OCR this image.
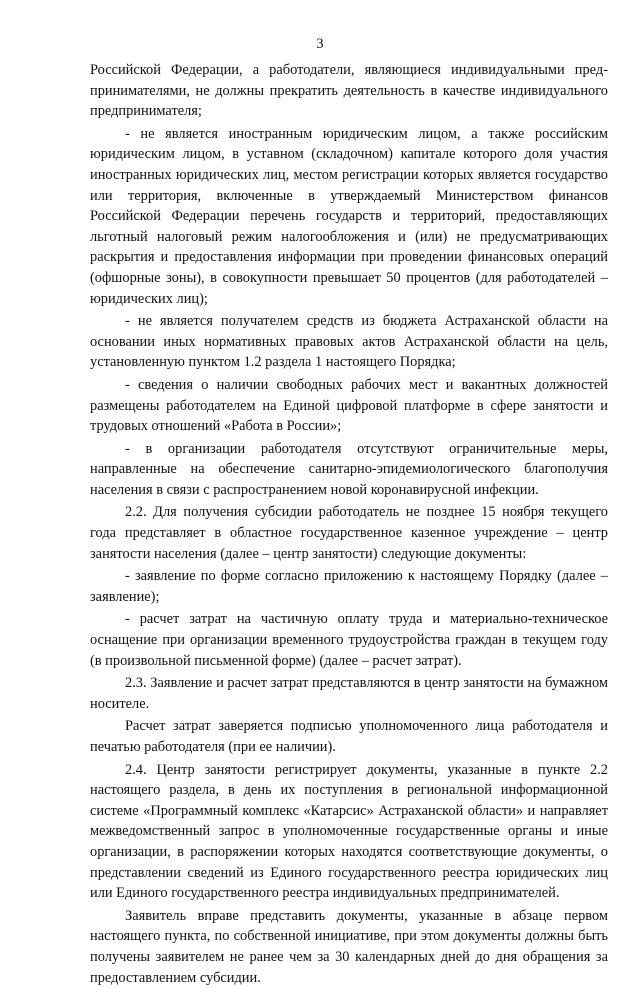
3

Российской Федерации, а работодатели, являющиеся индивидуальными предпринимателями, не должны прекратить деятельность в качестве индивидуального предпринимателя;

- не является иностранным юридическим лицом, а также российским юридическим лицом, в уставном (складочном) капитале которого доля участия иностранных юридических лиц, местом регистрации которых является государство или территория, включенные в утверждаемый Министерством финансов Российской Федерации перечень государств и территорий, предоставляющих льготный налоговый режим налогообложения и (или) не предусматривающих раскрытия и предоставления информации при проведении финансовых операций (офшорные зоны), в совокупности превышает 50 процентов (для работодателей – юридических лиц);

- не является получателем средств из бюджета Астраханской области на основании иных нормативных правовых актов Астраханской области на цель, установленную пунктом 1.2 раздела 1 настоящего Порядка;

- сведения о наличии свободных рабочих мест и вакантных должностей размещены работодателем на Единой цифровой платформе в сфере занятости и трудовых отношений «Работа в России»;

- в организации работодателя отсутствуют ограничительные меры, направленные на обеспечение санитарно-эпидемиологического благополучия населения в связи с распространением новой коронавирусной инфекции.

2.2. Для получения субсидии работодатель не позднее 15 ноября текущего года представляет в областное государственное казенное учреждение – центр занятости населения (далее – центр занятости) следующие документы:

- заявление по форме согласно приложению к настоящему Порядку (далее – заявление);

- расчет затрат на частичную оплату труда и материально-техническое оснащение при организации временного трудоустройства граждан в текущем году (в произвольной письменной форме) (далее – расчет затрат).

2.3. Заявление и расчет затрат представляются в центр занятости на бумажном носителе.

Расчет затрат заверяется подписью уполномоченного лица работодателя и печатью работодателя (при ее наличии).

2.4. Центр занятости регистрирует документы, указанные в пункте 2.2 настоящего раздела, в день их поступления в региональной информационной системе «Программный комплекс «Катарсис» Астраханской области» и направляет межведомственный запрос в уполномоченные государственные органы и иные организации, в распоряжении которых находятся соответствующие документы, о представлении сведений из Единого государственного реестра юридических лиц или Единого государственного реестра индивидуальных предпринимателей.

Заявитель вправе представить документы, указанные в абзаце первом настоящего пункта, по собственной инициативе, при этом документы должны быть получены заявителем не ранее чем за 30 календарных дней до дня обращения за предоставлением субсидии.
